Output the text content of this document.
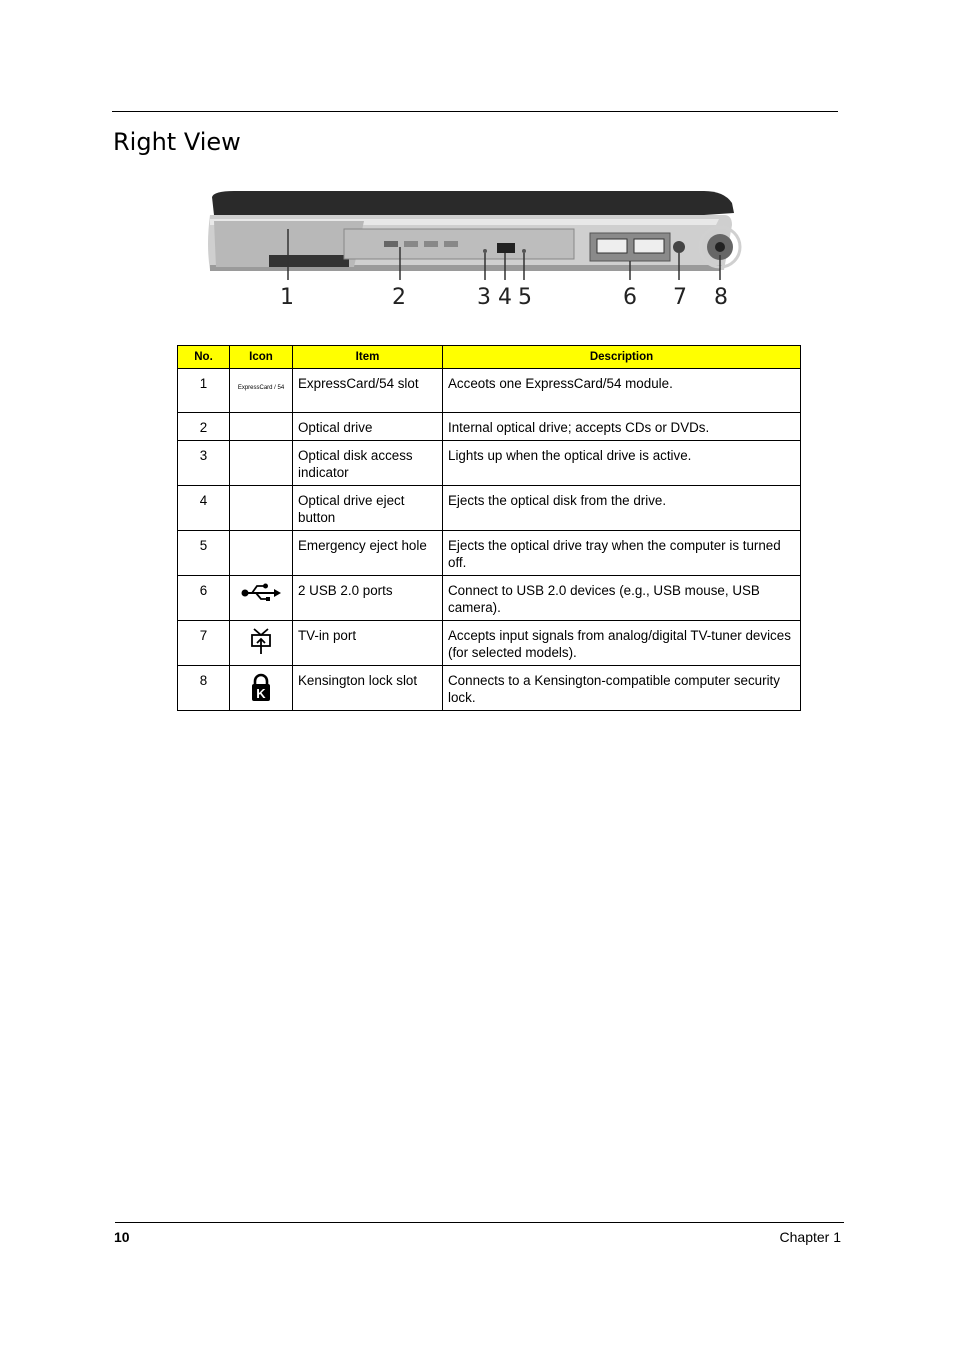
Right View
1	2	3 4 5	6 7 8
No.	Icon	Item	Description
1	ExpressCard / 54	ExpressCard/54 slot	Acceots one ExpressCard/54 module.
2		Optical drive	Internal optical drive; accepts CDs or DVDs.
3		Optical disk access indicator	Lights up when the optical drive is active.
4		Optical drive eject button	Ejects the optical disk from the drive.
5		Emergency eject hole	Ejects the optical drive tray when the computer is turned off.
6		2 USB 2.0 ports	Connect to USB 2.0 devices (e.g., USB mouse, USB camera).
7		TV-in port	Accepts input signals from analog/digital TV-tuner devices (for selected models).
8	K	Kensington lock slot	Connects to a Kensington-compatible computer security lock.
10	Chapter 1
